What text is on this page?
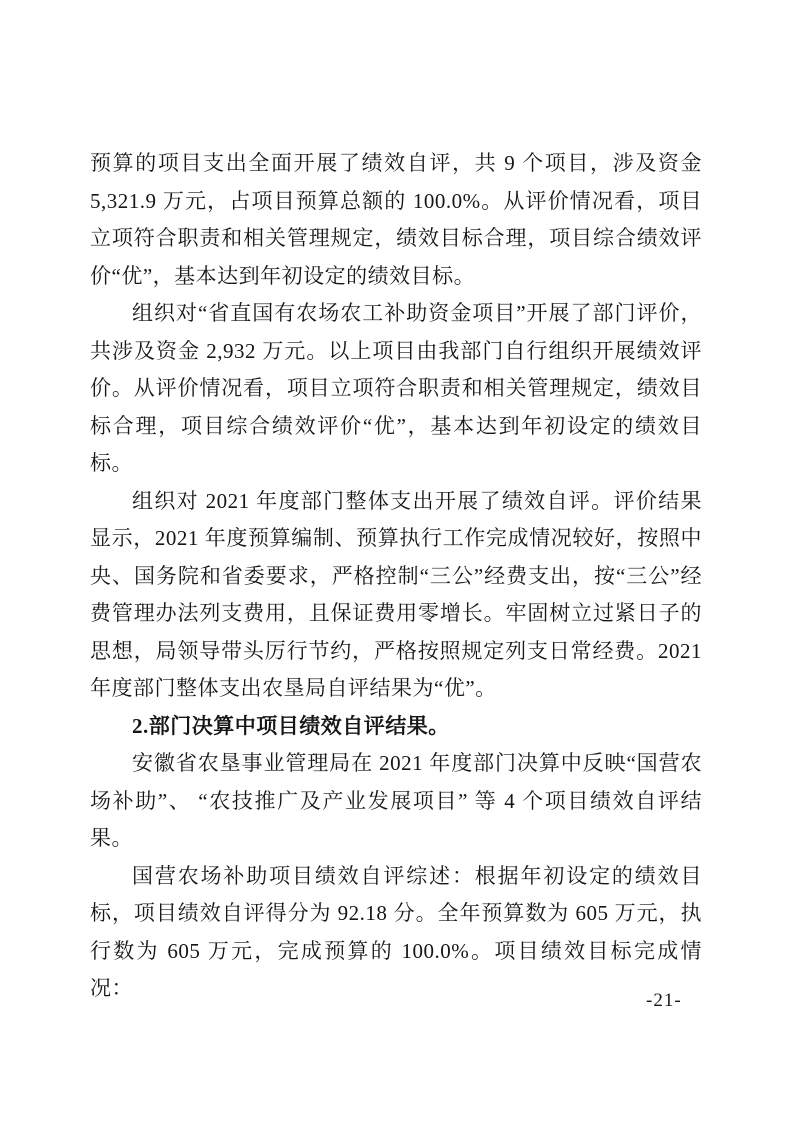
预算的项目支出全面开展了绩效自评，共 9 个项目，涉及资金 5,321.9 万元，占项目预算总额的 100.0%。从评价情况看，项目立项符合职责和相关管理规定，绩效目标合理，项目综合绩效评价“优”，基本达到年初设定的绩效目标。

组织对“省直国有农场农工补助资金项目”开展了部门评价，共涉及资金 2,932 万元。以上项目由我部门自行组织开展绩效评价。从评价情况看，项目立项符合职责和相关管理规定，绩效目标合理，项目综合绩效评价“优”，基本达到年初设定的绩效目标。

组织对 2021 年度部门整体支出开展了绩效自评。评价结果显示，2021 年度预算编制、预算执行工作完成情况较好，按照中央、国务院和省委要求，严格控制“三公”经费支出，按“三公”经费管理办法列支费用，且保证费用零增长。牢固树立过紧日子的思想，局领导带头厉行节约，严格按照规定列支日常经费。2021 年度部门整体支出农垦局自评结果为“优”。

2.部门决算中项目绩效自评结果。

安徽省农垦事业管理局在 2021 年度部门决算中反映“国营农场补助”、 “农技推广及产业发展项目” 等 4 个项目绩效自评结果。

国营农场补助项目绩效自评综述：根据年初设定的绩效目标，项目绩效自评得分为 92.18 分。全年预算数为 605 万元，执行数为 605 万元，完成预算的 100.0%。项目绩效目标完成情况：

-21-
